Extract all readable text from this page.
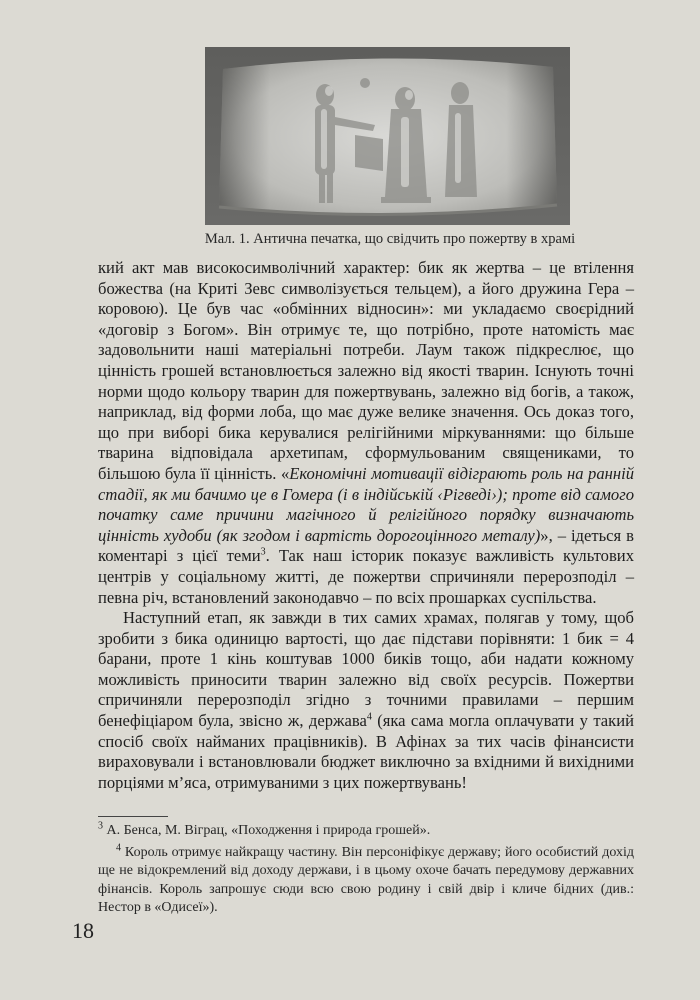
Мал. 1. Антична печатка, що свідчить про пожертву в храмі

кий акт мав високосимволічний характер: бик як жертва – це втілення божества (на Криті Зевс символізується тельцем), а його дружина Гера – коровою). Це був час «обмінних відносин»: ми укладаємо своєрідний «договір з Богом». Він отримує те, що потрібно, проте натомість має задовольнити наші матеріальні потреби. Лаум також підкреслює, що цінність грошей встановлюється залежно від якості тварин. Існують точні норми щодо кольору тварин для пожертвувань, залежно від богів, а також, наприклад, від форми лоба, що має дуже велике значення. Ось доказ того, що при виборі бика керувалися релігійними міркуваннями: що більше тварина відповідала архетипам, сформульованим священиками, то більшою була її цінність. «Економічні мотивації відіграють роль на ранній стадії, як ми бачимо це в Гомера (і в індійській ‹Рігведі›); проте від самого початку саме причини магічного й релігійного порядку визначають цінність худоби (як згодом і вартість дорогоцінного металу)», – ідеться в коментарі з цієї теми$^3$. Так наш історик показує важливість культових центрів у соціальному житті, де пожертви спричиняли перерозподіл – певна річ, встановлений законодавчо – по всіх прошарках суспільства.

Наступний етап, як завжди в тих самих храмах, полягав у тому, щоб зробити з бика одиницю вартості, що дає підстави порівняти: 1 бик = 4 барани, проте 1 кінь коштував 1000 биків тощо, аби надати кожному можливість приносити тварин залежно від своїх ресурсів. Пожертви спричиняли перерозподіл згідно з точними правилами – першим бенефіціаром була, звісно ж, держава$^4$ (яка сама могла оплачувати у такий спосіб своїх найманих працівників). В Афінах за тих часів фінансисти вираховували і встановлювали бюджет виключно за вхідними й вихідними порціями м’яса, отримуваними з цих пожертвувань!

$^3$ А. Бенса, М. Віграц, «Походження і природа грошей».

$^4$ Король отримує найкращу частину. Він персоніфікує державу; його особистий дохід ще не відокремлений від доходу держави, і в цьому охоче бачать передумову державних фінансів. Король запрошує сюди всю свою родину і свій двір і кличе бідних (див.: Нестор в «Одисеї»).

18
